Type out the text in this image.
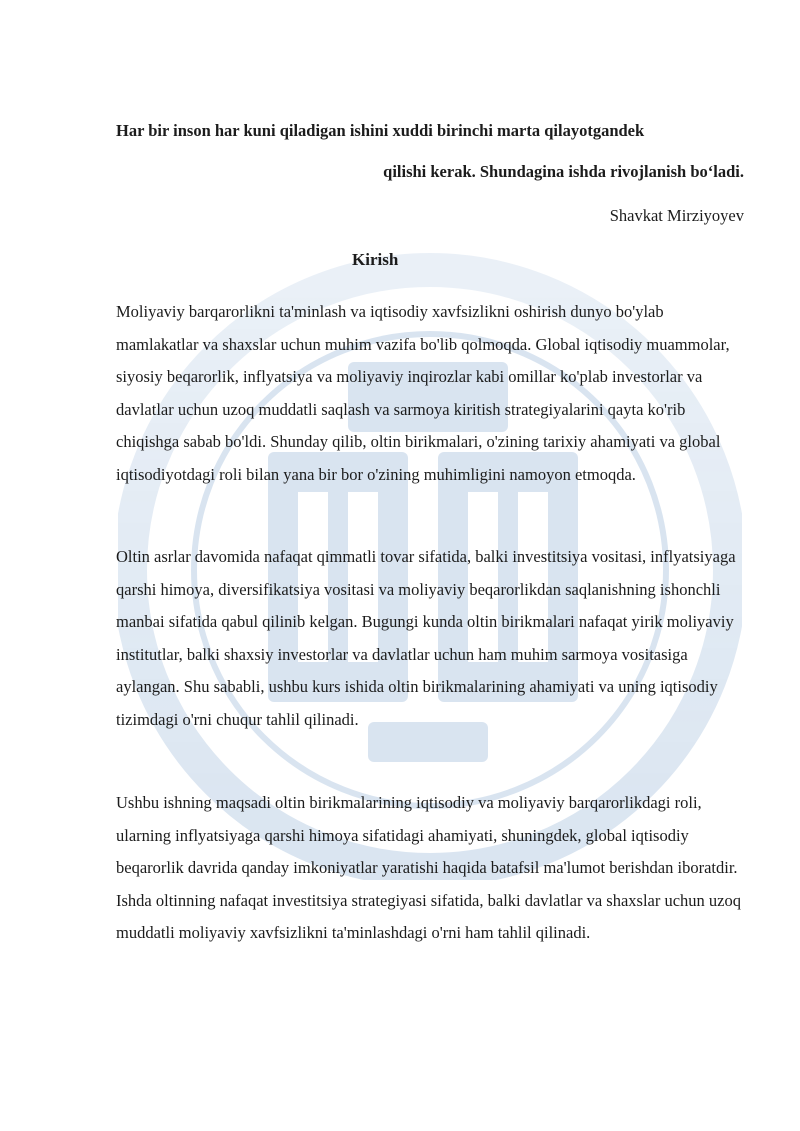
Har bir inson har kuni qiladigan ishini xuddi birinchi marta qilayotgandek
qilishi kerak. Shundagina ishda rivojlanish bo‘ladi.
Shavkat Mirziyoyev
Kirish

Moliyaviy barqarorlikni ta'minlash va iqtisodiy xavfsizlikni oshirish dunyo bo'ylab mamlakatlar va shaxslar uchun muhim vazifa bo'lib qolmoqda. Global iqtisodiy muammolar, siyosiy beqarorlik, inflyatsiya va moliyaviy inqirozlar kabi omillar ko'plab investorlar va davlatlar uchun uzoq muddatli saqlash va sarmoya kiritish strategiyalarini qayta ko'rib chiqishga sabab bo'ldi. Shunday qilib, oltin birikmalari, o'zining tarixiy ahamiyati va global iqtisodiyotdagi roli bilan yana bir bor o'zining muhimligini namoyon etmoqda.

Oltin asrlar davomida nafaqat qimmatli tovar sifatida, balki investitsiya vositasi, inflyatsiyaga qarshi himoya, diversifikatsiya vositasi va moliyaviy beqarorlikdan saqlanishning ishonchli manbai sifatida qabul qilinib kelgan. Bugungi kunda oltin birikmalari nafaqat yirik moliyaviy institutlar, balki shaxsiy investorlar va davlatlar uchun ham muhim sarmoya vositasiga aylangan. Shu sababli, ushbu kurs ishida oltin birikmalarining ahamiyati va uning iqtisodiy tizimdagi o'rni chuqur tahlil qilinadi.

Ushbu ishning maqsadi oltin birikmalarining iqtisodiy va moliyaviy barqarorlikdagi roli, ularning inflyatsiyaga qarshi himoya sifatidagi ahamiyati, shuningdek, global iqtisodiy beqarorlik davrida qanday imkoniyatlar yaratishi haqida batafsil ma'lumot berishdan iboratdir. Ishda oltinning nafaqat investitsiya strategiyasi sifatida, balki davlatlar va shaxslar uchun uzoq muddatli moliyaviy xavfsizlikni ta'minlashdagi o'rni ham tahlil qilinadi.
